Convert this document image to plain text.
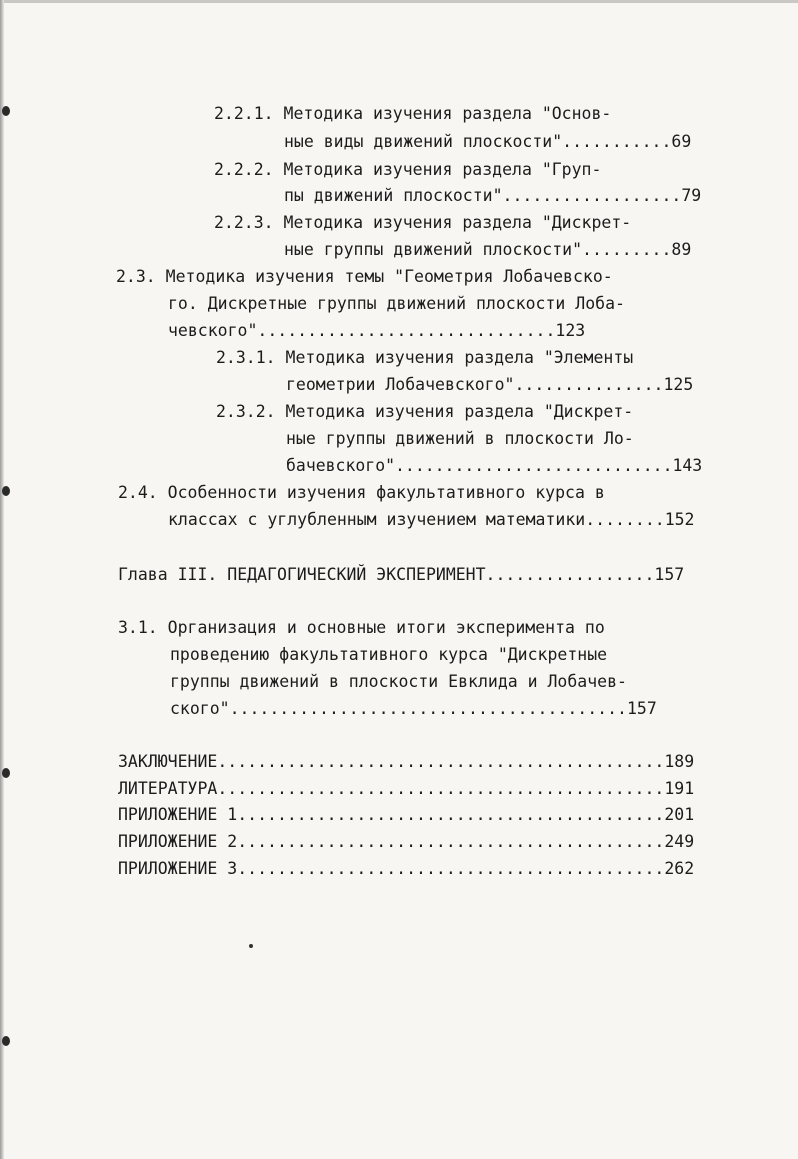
2.2.1. Методика изучения раздела "Основ-
ные виды движений плоскости"...........69
2.2.2. Методика изучения раздела "Груп-
пы движений плоскости"..................79
2.2.3. Методика изучения раздела "Дискрет-
ные группы движений плоскости".........89
2.3. Методика изучения темы "Геометрия Лобачевско-
го. Дискретные группы движений плоскости Лоба-
чевского"..............................123
2.3.1. Методика изучения раздела "Элементы
геометрии Лобачевского"...............125
2.3.2. Методика изучения раздела "Дискрет-
ные группы движений в плоскости Ло-
бачевского"............................143
2.4. Особенности изучения факультативного курса в
классах с углубленным изучением математики........152
Глава III. ПЕДАГОГИЧЕСКИЙ ЭКСПЕРИМЕНТ.................157
3.1. Организация и основные итоги эксперимента по
проведению факультативного курса "Дискретные
группы движений в плоскости Евклида и Лобачев-
ского"........................................157
ЗАКЛЮЧЕНИЕ.............................................189
ЛИТЕРАТУРА.............................................191
ПРИЛОЖЕНИЕ 1...........................................201
ПРИЛОЖЕНИЕ 2...........................................249
ПРИЛОЖЕНИЕ 3...........................................262
